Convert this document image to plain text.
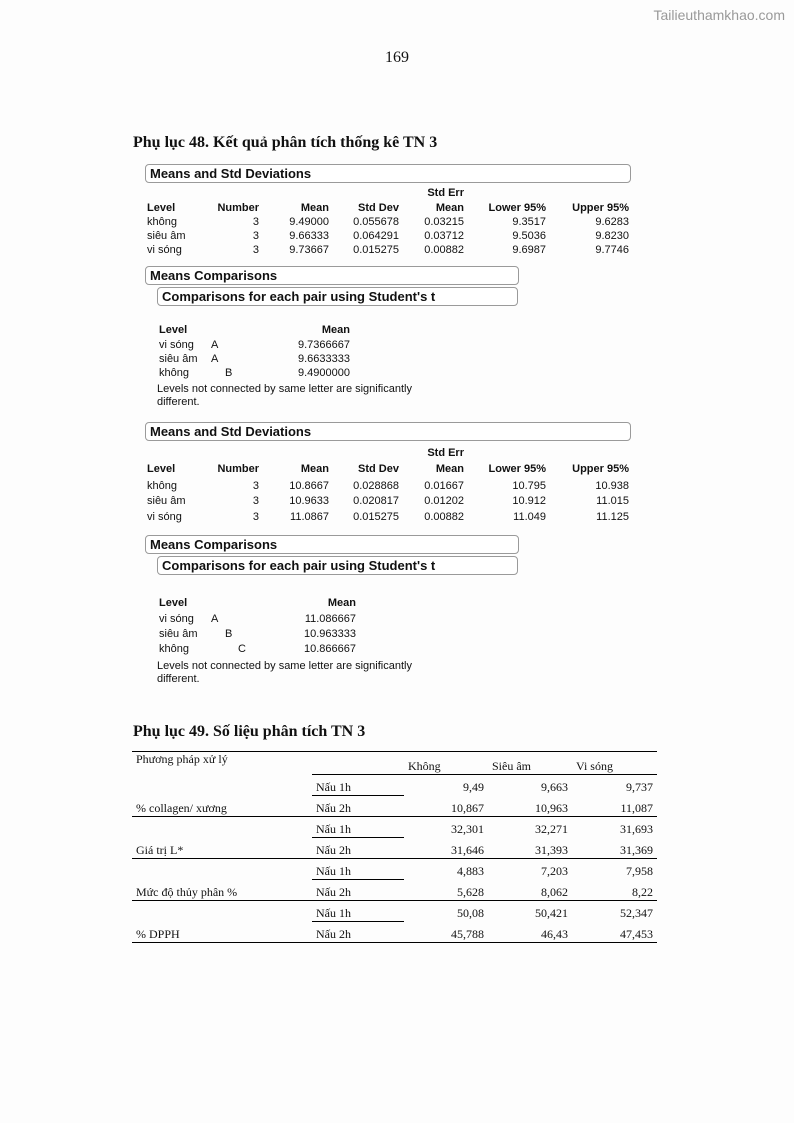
Tailieuthamkhao.com
169
Phụ lục 48. Kết quả phân tích thống kê TN 3
Means and Std Deviations
Std Err
Level	Number	Mean	Std Dev	Mean	Lower 95%	Upper 95%
không	3	9.49000	0.055678	0.03215	9.3517	9.6283
siêu âm	3	9.66333	0.064291	0.03712	9.5036	9.8230
vi sóng	3	9.73667	0.015275	0.00882	9.6987	9.7746
Means Comparisons
Comparisons for each pair using Student's t
Level	Mean
vi sóng A	9.7366667
siêu âm A	9.6633333
không	B	9.4900000
Levels not connected by same letter are significantly
different.
Means and Std Deviations
Std Err
Level	Number	Mean	Std Dev	Mean	Lower 95%	Upper 95%
không	3	10.8667	0.028868	0.01667	10.795	10.938
siêu âm	3	10.9633	0.020817	0.01202	10.912	11.015
vi sóng	3	11.0867	0.015275	0.00882	11.049	11.125
Means Comparisons
Comparisons for each pair using Student's t
Level	Mean
vi sóng A	11.086667
siêu âm B	10.963333
không	C	10.866667
Levels not connected by same letter are significantly
different.
Phụ lục 49. Số liệu phân tích TN 3
Phương pháp xử lý		Không	Siêu âm	Vi sóng
	Nấu 1h	9,49	9,663	9,737
% collagen/ xương	Nấu 2h	10,867	10,963	11,087
	Nấu 1h	32,301	32,271	31,693
Giá trị L*	Nấu 2h	31,646	31,393	31,369
	Nấu 1h	4,883	7,203	7,958
Mức độ thủy phân %	Nấu 2h	5,628	8,062	8,22
	Nấu 1h	50,08	50,421	52,347
% DPPH	Nấu 2h	45,788	46,43	47,453
